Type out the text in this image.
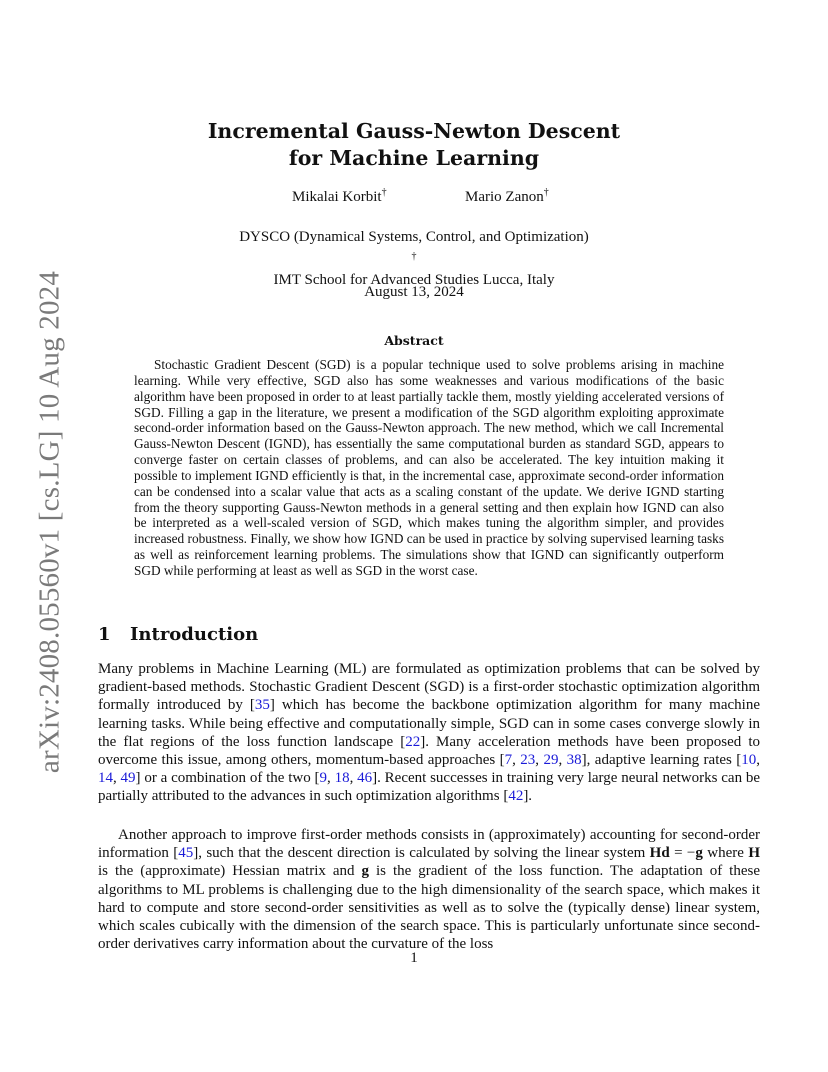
arXiv:2408.05560v1 [cs.LG] 10 Aug 2024
Incremental Gauss-Newton Descent
for Machine Learning
Mikalai Korbit†	Mario Zanon†
DYSCO (Dynamical Systems, Control, and Optimization)
†
IMT School for Advanced Studies Lucca, Italy
August 13, 2024
Abstract
Stochastic Gradient Descent (SGD) is a popular technique used to solve problems arising in machine learning. While very effective, SGD also has some weaknesses and various modifications of the basic algorithm have been proposed in order to at least partially tackle them, mostly yielding accelerated versions of SGD. Filling a gap in the literature, we present a modification of the SGD algorithm exploiting approximate second-order information based on the Gauss-Newton approach. The new method, which we call Incremental Gauss-Newton Descent (IGND), has essentially the same computational burden as standard SGD, appears to converge faster on certain classes of problems, and can also be accelerated. The key intuition making it possible to implement IGND efficiently is that, in the incremental case, approximate second-order information can be condensed into a scalar value that acts as a scaling constant of the update. We derive IGND starting from the theory supporting Gauss-Newton methods in a general setting and then explain how IGND can also be interpreted as a well-scaled version of SGD, which makes tuning the algorithm simpler, and provides increased robustness. Finally, we show how IGND can be used in practice by solving supervised learning tasks as well as reinforcement learning problems. The simulations show that IGND can significantly outperform SGD while performing at least as well as SGD in the worst case.
1 Introduction
Many problems in Machine Learning (ML) are formulated as optimization problems that can be solved by gradient-based methods. Stochastic Gradient Descent (SGD) is a first-order stochastic optimization algorithm formally introduced by [35] which has become the backbone optimization algorithm for many machine learning tasks. While being effective and computationally simple, SGD can in some cases converge slowly in the flat regions of the loss function landscape [22]. Many acceleration methods have been proposed to overcome this issue, among others, momentum-based approaches [7, 23, 29, 38], adaptive learning rates [10, 14, 49] or a combination of the two [9, 18, 46]. Recent successes in training very large neural networks can be partially attributed to the advances in such optimization algorithms [42].
Another approach to improve first-order methods consists in (approximately) accounting for second-order information [45], such that the descent direction is calculated by solving the linear system Hd = −g where H is the (approximate) Hessian matrix and g is the gradient of the loss function. The adaptation of these algorithms to ML problems is challenging due to the high dimensionality of the search space, which makes it hard to compute and store second-order sensitivities as well as to solve the (typically dense) linear system, which scales cubically with the dimension of the search space. This is particularly unfortunate since second-order derivatives carry information about the curvature of the loss
1
